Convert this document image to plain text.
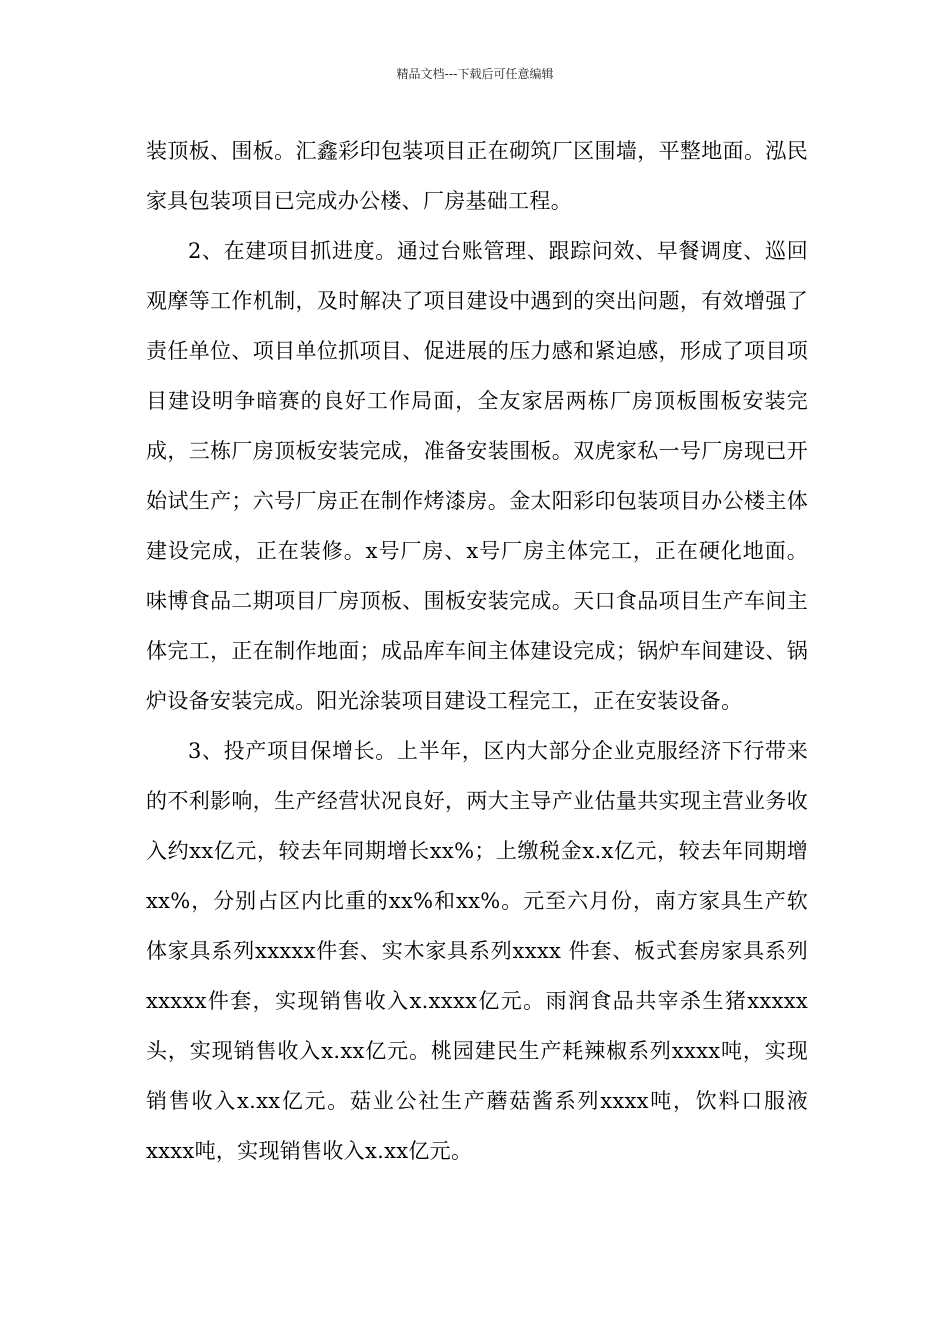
精品文档---下载后可任意编辑

装顶板、围板。汇鑫彩印包装项目正在砌筑厂区围墙，平整地面。泓民家具包装项目已完成办公楼、厂房基础工程。

2、在建项目抓进度。通过台账管理、跟踪问效、早餐调度、巡回观摩等工作机制，及时解决了项目建设中遇到的突出问题，有效增强了责任单位、项目单位抓项目、促进展的压力感和紧迫感，形成了项目项目建设明争暗赛的良好工作局面，全友家居两栋厂房顶板围板安装完成，三栋厂房顶板安装完成，准备安装围板。双虎家私一号厂房现已开始试生产；六号厂房正在制作烤漆房。金太阳彩印包装项目办公楼主体建设完成，正在装修。x号厂房、x号厂房主体完工，正在硬化地面。味博食品二期项目厂房顶板、围板安装完成。天口食品项目生产车间主体完工，正在制作地面；成品库车间主体建设完成；锅炉车间建设、锅炉设备安装完成。阳光涂装项目建设工程完工，正在安装设备。

3、投产项目保增长。上半年，区内大部分企业克服经济下行带来的不利影响，生产经营状况良好，两大主导产业估量共实现主营业务收入约xx亿元，较去年同期增长xx%；上缴税金x.x亿元，较去年同期增xx%，分别占区内比重的xx%和xx%。元至六月份，南方家具生产软体家具系列xxxxx件套、实木家具系列xxxx 件套、板式套房家具系列xxxxx件套，实现销售收入x.xxxx亿元。雨润食品共宰杀生猪xxxxx头，实现销售收入x.xx亿元。桃园建民生产耗辣椒系列xxxx吨，实现销售收入x.xx亿元。菇业公社生产蘑菇酱系列xxxx吨，饮料口服液xxxx吨，实现销售收入x.xx亿元。
